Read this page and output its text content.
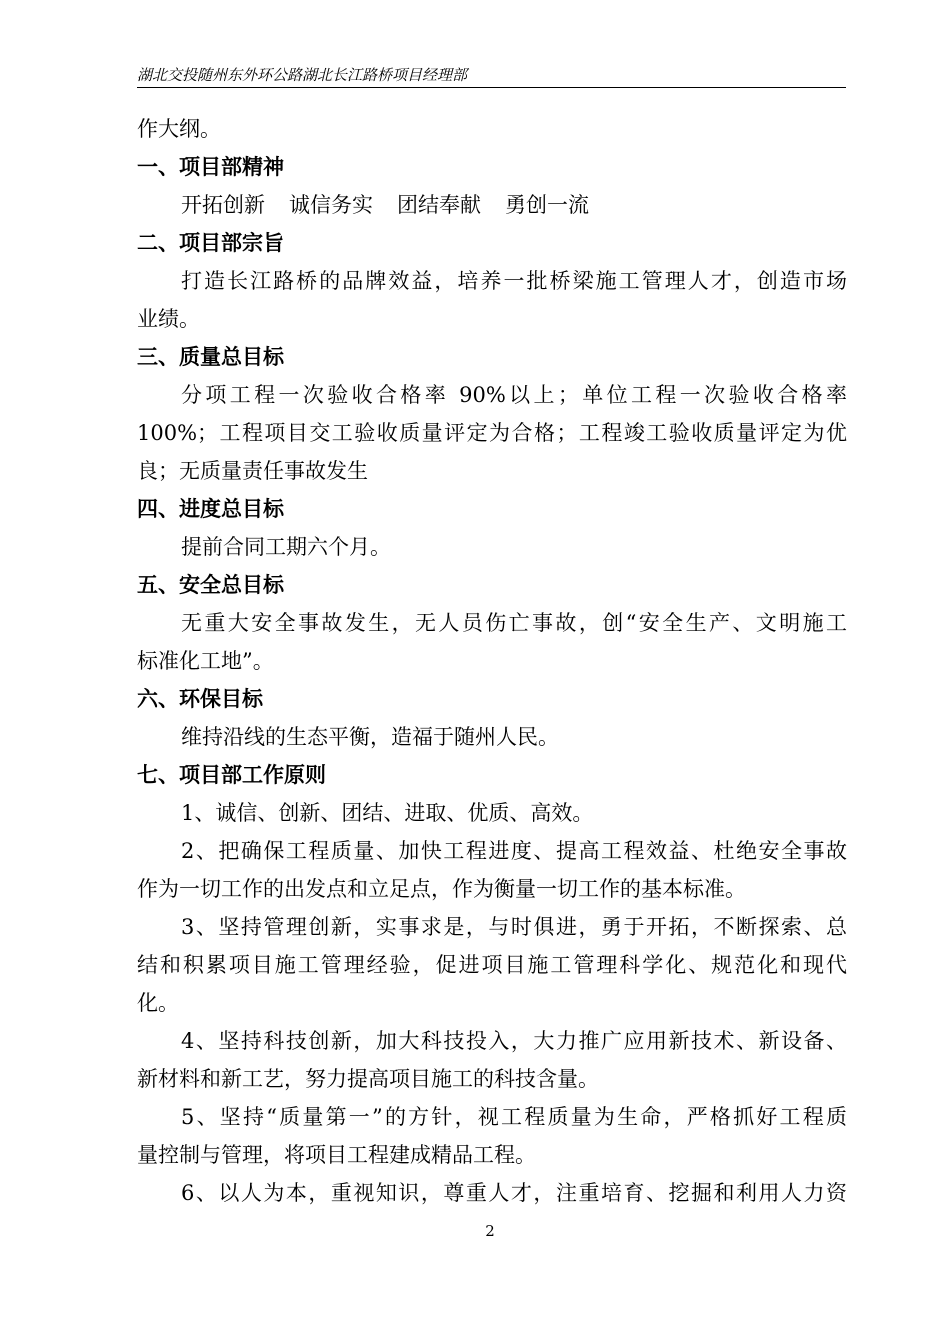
湖北交投随州东外环公路湖北长江路桥项目经理部
作大纲。
一、项目部精神
开拓创新 诚信务实 团结奉献 勇创一流
二、项目部宗旨
打造长江路桥的品牌效益，培养一批桥梁施工管理人才，创造市场
业绩。
三、质量总目标
分项工程一次验收合格率 90%以上；单位工程一次验收合格率
100%；工程项目交工验收质量评定为合格；工程竣工验收质量评定为优
良；无质量责任事故发生
四、进度总目标
提前合同工期六个月。
五、安全总目标
无重大安全事故发生，无人员伤亡事故，创“安全生产、文明施工
标准化工地”。
六、环保目标
维持沿线的生态平衡，造福于随州人民。
七、项目部工作原则
1、诚信、创新、团结、进取、优质、高效。
2、把确保工程质量、加快工程进度、提高工程效益、杜绝安全事故
作为一切工作的出发点和立足点，作为衡量一切工作的基本标准。
3、坚持管理创新，实事求是，与时俱进，勇于开拓，不断探索、总
结和积累项目施工管理经验，促进项目施工管理科学化、规范化和现代
化。
4、坚持科技创新，加大科技投入，大力推广应用新技术、新设备、
新材料和新工艺，努力提高项目施工的科技含量。
5、坚持“质量第一”的方针，视工程质量为生命，严格抓好工程质
量控制与管理，将项目工程建成精品工程。
6、以人为本，重视知识，尊重人才，注重培育、挖掘和利用人力资
2
